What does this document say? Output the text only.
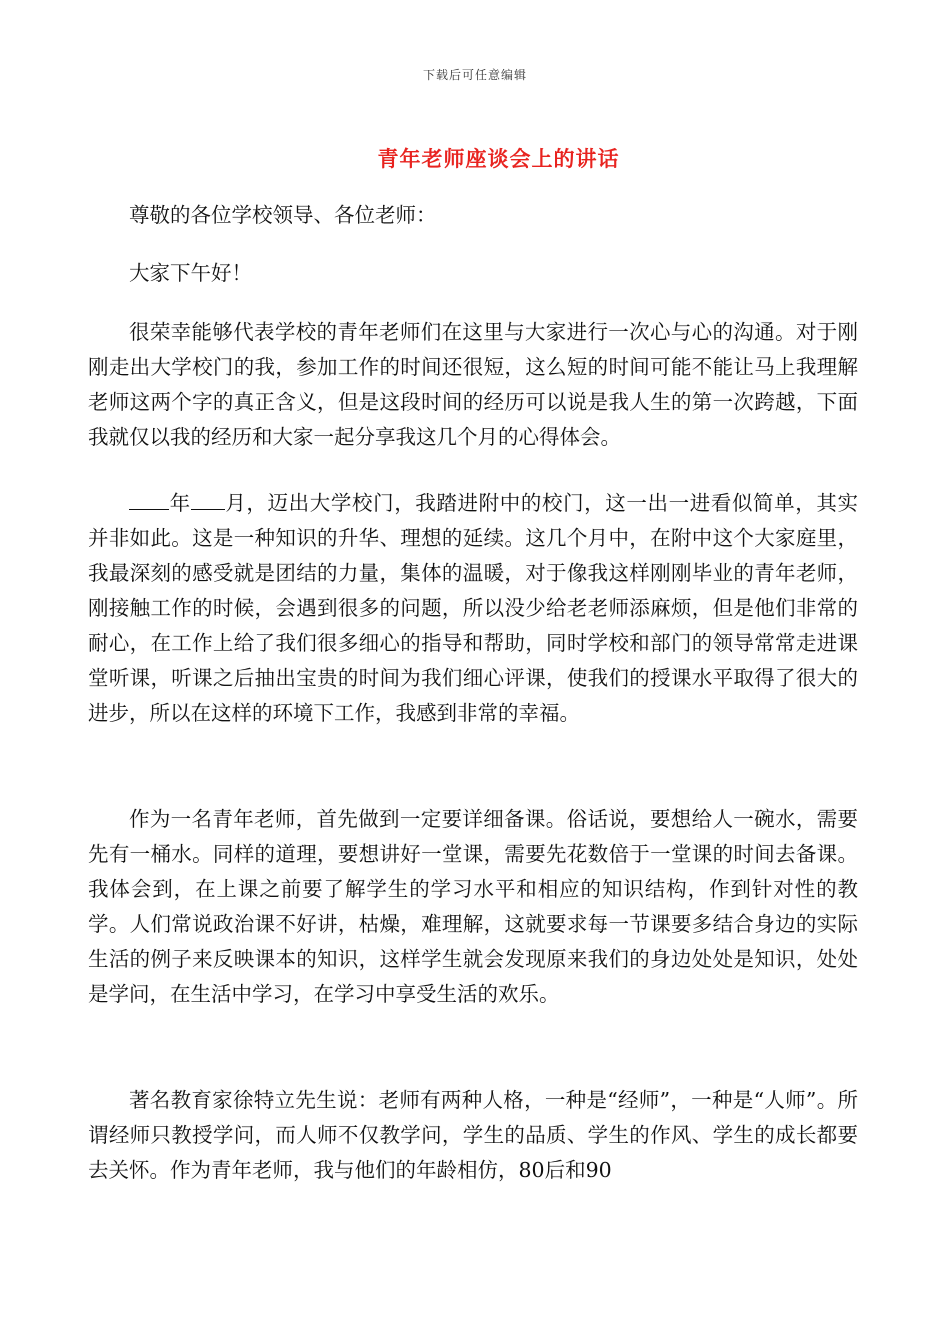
下载后可任意编辑
青年老师座谈会上的讲话

尊敬的各位学校领导、各位老师：

大家下午好！

很荣幸能够代表学校的青年老师们在这里与大家进行一次心与心的沟通。对于刚刚走出大学校门的我，参加工作的时间还很短，这么短的时间可能不能让马上我理解老师这两个字的真正含义，但是这段时间的经历可以说是我人生的第一次跨越，下面我就仅以我的经历和大家一起分享我这几个月的心得体会。

年 月，迈出大学校门，我踏进附中的校门，这一出一进看似简单，其实并非如此。这是一种知识的升华、理想的延续。这几个月中，在附中这个大家庭里，我最深刻的感受就是团结的力量，集体的温暖，对于像我这样刚刚毕业的青年老师，刚接触工作的时候，会遇到很多的问题，所以没少给老老师添麻烦，但是他们非常的耐心，在工作上给了我们很多细心的指导和帮助，同时学校和部门的领导常常走进课堂听课，听课之后抽出宝贵的时间为我们细心评课，使我们的授课水平取得了很大的进步，所以在这样的环境下工作，我感到非常的幸福。

作为一名青年老师，首先做到一定要详细备课。俗话说，要想给人一碗水，需要先有一桶水。同样的道理，要想讲好一堂课，需要先花数倍于一堂课的时间去备课。我体会到，在上课之前要了解学生的学习水平和相应的知识结构，作到针对性的教学。人们常说政治课不好讲，枯燥，难理解，这就要求每一节课要多结合身边的实际生活的例子来反映课本的知识，这样学生就会发现原来我们的身边处处是知识，处处是学问，在生活中学习，在学习中享受生活的欢乐。

著名教育家徐特立先生说：老师有两种人格，一种是“经师”，一种是“人师”。所谓经师只教授学问，而人师不仅教学问，学生的品质、学生的作风、学生的成长都要去关怀。作为青年老师，我与他们的年龄相仿，80后和90
